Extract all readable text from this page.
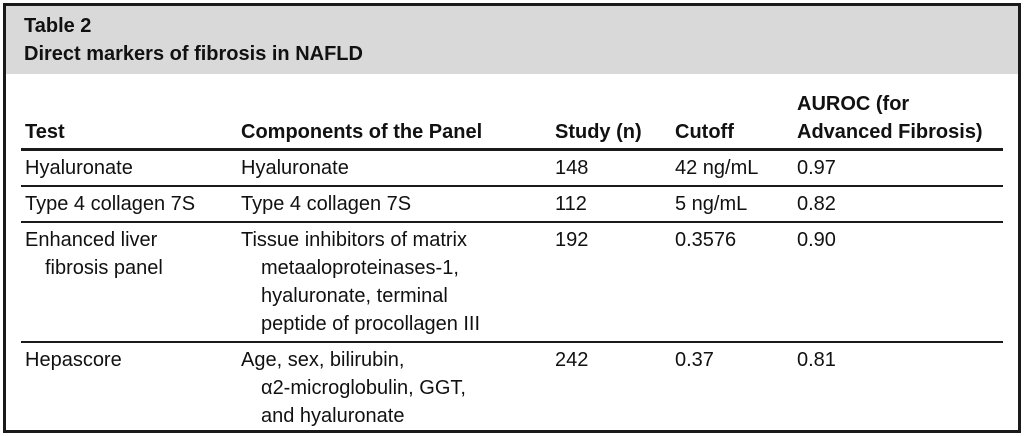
Table 2
Direct markers of fibrosis in NAFLD
Test	Components of the Panel	Study (n)	Cutoff	AUROC (for
Advanced Fibrosis)

Hyaluronate	Hyaluronate	148	42 ng/mL	0.97

Type 4 collagen 7S	Type 4 collagen 7S	112	5 ng/mL	0.82

Enhanced liver
fibrosis panel	Tissue inhibitors of matrix
metaaloproteinases-1,
hyaluronate, terminal
peptide of procollagen III	192	0.3576	0.90

Hepascore	Age, sex, bilirubin,
α2-microglobulin, GGT,
and hyaluronate	242	0.37	0.81
